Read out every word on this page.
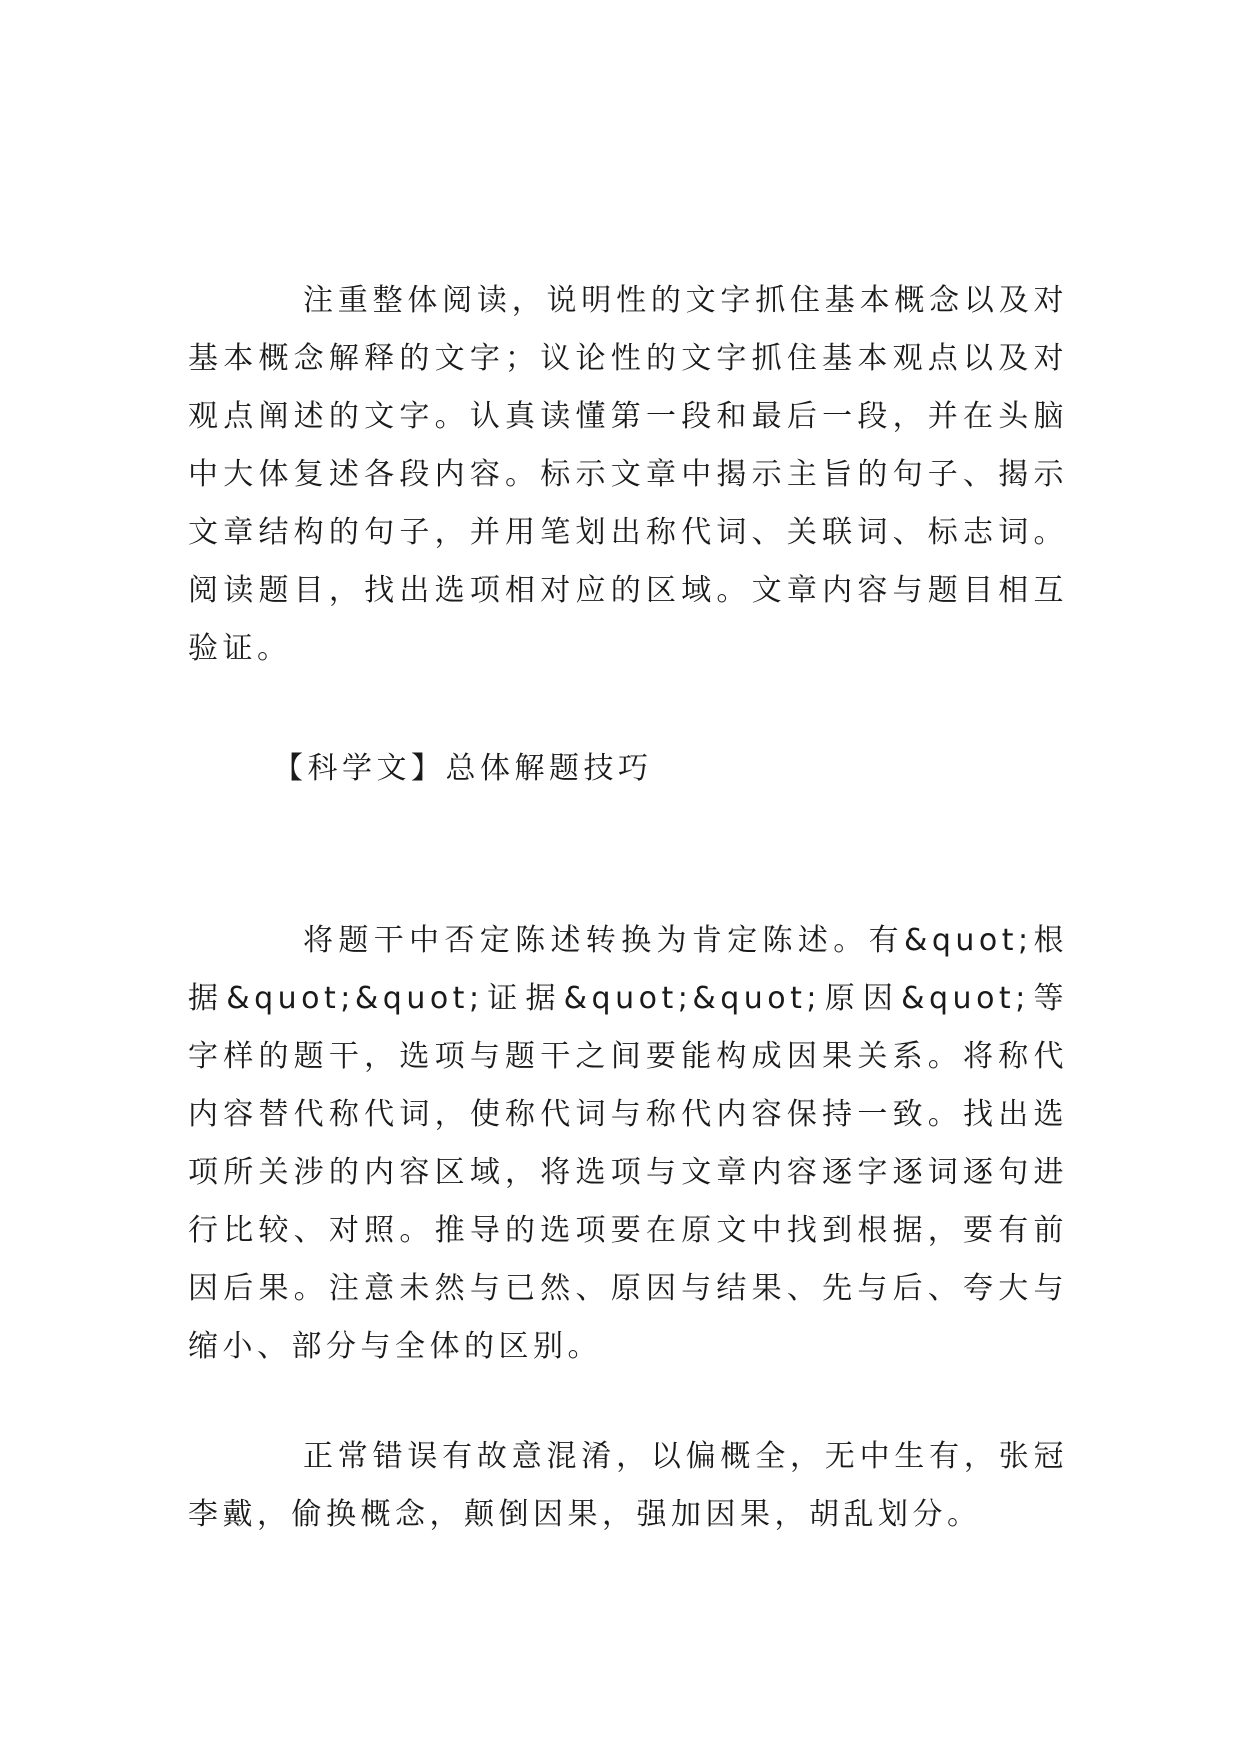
注重整体阅读，说明性的文字抓住基本概念以及对基本概念解释的文字；议论性的文字抓住基本观点以及对观点阐述的文字。认真读懂第一段和最后一段，并在头脑中大体复述各段内容。标示文章中揭示主旨的句子、揭示文章结构的句子，并用笔划出称代词、关联词、标志词。阅读题目，找出选项相对应的区域。文章内容与题目相互验证。

【科学文】总体解题技巧

将题干中否定陈述转换为肯定陈述。有&quot;根据&quot;&quot;证据&quot;&quot;原因&quot;等字样的题干，选项与题干之间要能构成因果关系。将称代内容替代称代词，使称代词与称代内容保持一致。找出选项所关涉的内容区域，将选项与文章内容逐字逐词逐句进行比较、对照。推导的选项要在原文中找到根据，要有前因后果。注意未然与已然、原因与结果、先与后、夸大与缩小、部分与全体的区别。

正常错误有故意混淆，以偏概全，无中生有，张冠李戴，偷换概念，颠倒因果，强加因果，胡乱划分。
